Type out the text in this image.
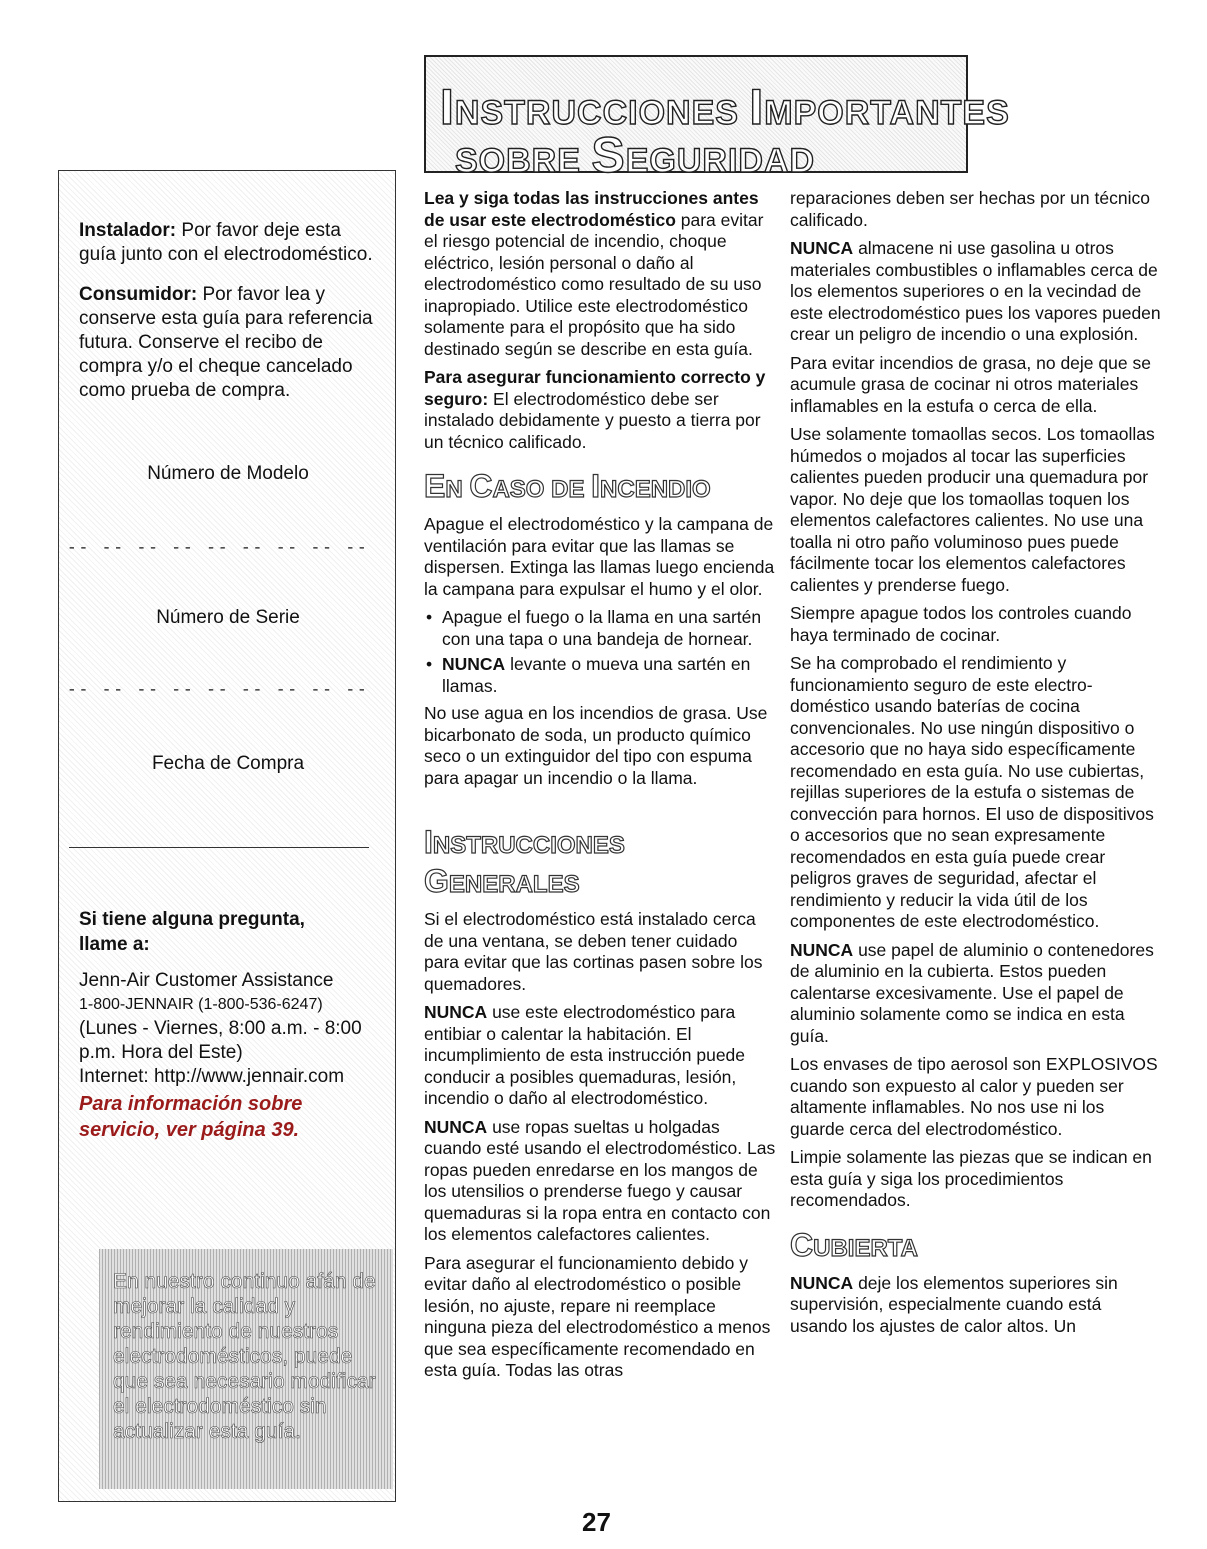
INSTRUCCIONES IMPORTANTES
SOBRE SEGURIDAD

Instalador: Por favor deje esta guía junto con el electrodoméstico.

Consumidor: Por favor lea y conserve esta guía para referencia futura. Conserve el recibo de compra y/o el cheque cancelado como prueba de compra.

Número de Modelo
-- -- -- -- -- -- -- -- --
Número de Serie
-- -- -- -- -- -- -- -- --
Fecha de Compra
Si tiene alguna pregunta,
llame a:
Jenn-Air Customer Assistance
1-800-JENNAIR (1-800-536-6247)
(Lunes - Viernes, 8:00 a.m. - 8:00 p.m. Hora del Este)
Internet: http://www.jennair.com
Para información sobre servicio, ver página 39.
En nuestro continuo afán de mejorar la calidad y rendimiento de nuestros electrodomésticos, puede que sea necesario modificar el electrodoméstico sin actualizar esta guía.

Lea y siga todas las instrucciones antes de usar este electrodoméstico para evitar el riesgo potencial de incendio, choque eléctrico, lesión personal o daño al electrodoméstico como resultado de su uso inapropiado. Utilice este electrodoméstico solamente para el propósito que ha sido destinado según se describe en esta guía.

Para asegurar funcionamiento correcto y seguro: El electrodoméstico debe ser instalado debidamente y puesto a tierra por un técnico calificado.

EN CASO DE INCENDIO

Apague el electrodoméstico y la campana de ventilación para evitar que las llamas se dispersen. Extinga las llamas luego encienda la campana para expulsar el humo y el olor.

• Apague el fuego o la llama en una sartén con una tapa o una bandeja de hornear.
• NUNCA levante o mueva una sartén en llamas.

No use agua en los incendios de grasa. Use bicarbonato de soda, un producto químico seco o un extinguidor del tipo con espuma para apagar un incendio o la llama.

INSTRUCCIONES
GENERALES

Si el electrodoméstico está instalado cerca de una ventana, se deben tener cuidado para evitar que las cortinas pasen sobre los quemadores.

NUNCA use este electrodoméstico para entibiar o calentar la habitación. El incumplimiento de esta instrucción puede conducir a posibles quemaduras, lesión, incendio o daño al electrodoméstico.

NUNCA use ropas sueltas u holgadas cuando esté usando el electrodoméstico. Las ropas pueden enredarse en los mangos de los utensilios o prenderse fuego y causar quemaduras si la ropa entra en contacto con los elementos calefactores calientes.

Para asegurar el funcionamiento debido y evitar daño al electrodoméstico o posible lesión, no ajuste, repare ni reemplace ninguna pieza del electrodoméstico a menos que sea específicamente recomendado en esta guía. Todas las otras

reparaciones deben ser hechas por un técnico calificado.

NUNCA almacene ni use gasolina u otros materiales combustibles o inflamables cerca de los elementos superiores o en la vecindad de este electrodoméstico pues los vapores pueden crear un peligro de incendio o una explosión.

Para evitar incendios de grasa, no deje que se acumule grasa de cocinar ni otros materiales inflamables en la estufa o cerca de ella.

Use solamente tomaollas secos. Los tomaollas húmedos o mojados al tocar las superficies calientes pueden producir una quemadura por vapor. No deje que los tomaollas toquen los elementos calefactores calientes. No use una toalla ni otro paño voluminoso pues puede fácilmente tocar los elementos calefactores calientes y prenderse fuego.

Siempre apague todos los controles cuando haya terminado de cocinar.

Se ha comprobado el rendimiento y funcionamiento seguro de este electro-doméstico usando baterías de cocina convencionales. No use ningún dispositivo o accesorio que no haya sido específicamente recomendado en esta guía. No use cubiertas, rejillas superiores de la estufa o sistemas de convección para hornos. El uso de dispositivos o accesorios que no sean expresamente recomendados en esta guía puede crear peligros graves de seguridad, afectar el rendimiento y reducir la vida útil de los componentes de este electrodoméstico.

NUNCA use papel de aluminio o contenedores de aluminio en la cubierta. Estos pueden calentarse excesivamente. Use el papel de aluminio solamente como se indica en esta guía.

Los envases de tipo aerosol son EXPLOSIVOS cuando son expuesto al calor y pueden ser altamente inflamables. No nos use ni los guarde cerca del electrodoméstico.

Limpie solamente las piezas que se indican en esta guía y siga los procedimientos recomendados.

CUBIERTA

NUNCA deje los elementos superiores sin supervisión, especialmente cuando está usando los ajustes de calor altos. Un

27
